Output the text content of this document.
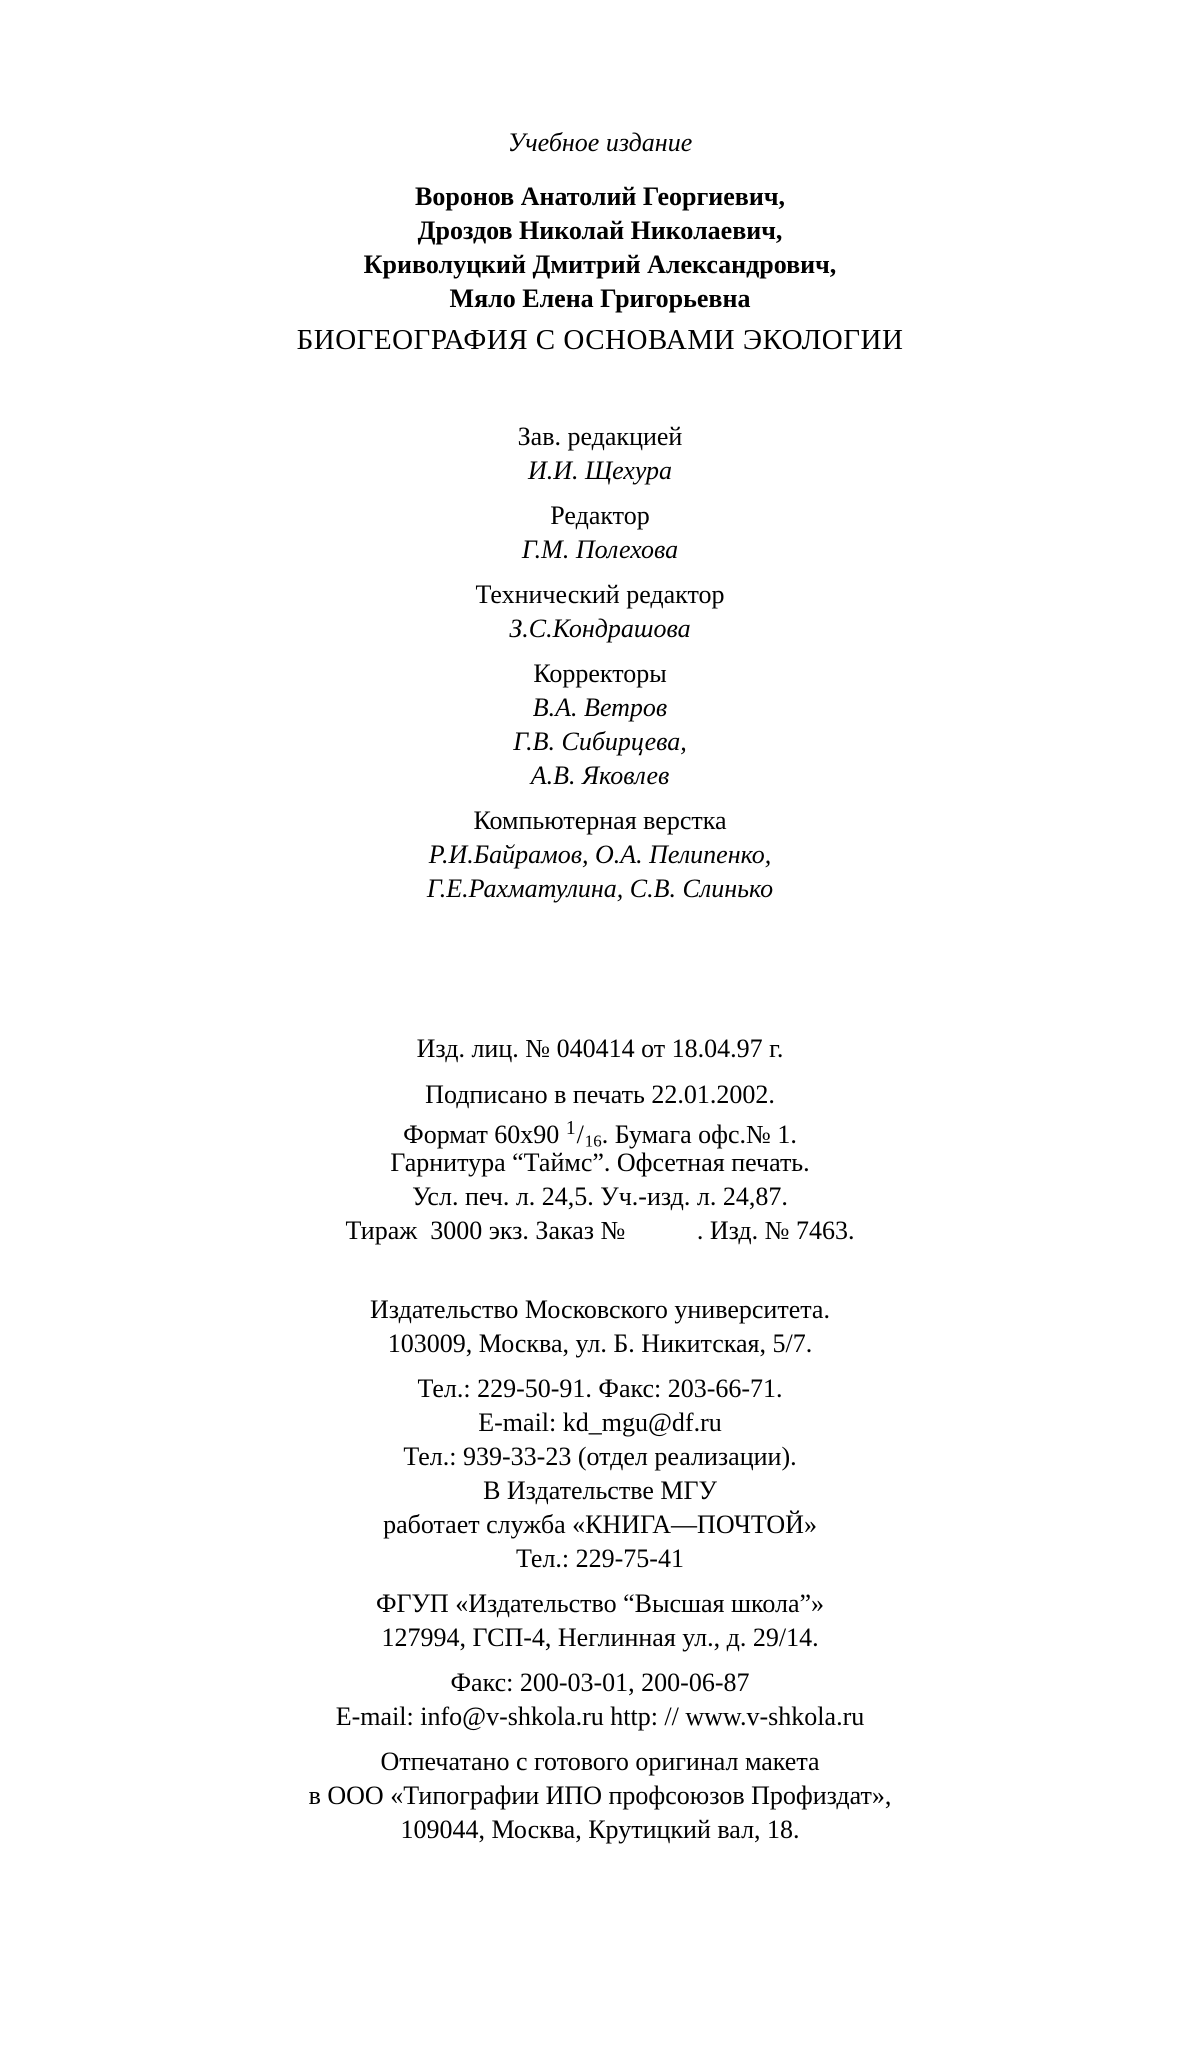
Учебное издание
Воронов Анатолий Георгиевич,
Дроздов Николай Николаевич,
Криволуцкий Дмитрий Александрович,
Мяло Елена Григорьевна
БИОГЕОГРАФИЯ С ОСНОВАМИ ЭКОЛОГИИ
Зав. редакцией
И.И. Щехура
Редактор
Г.М. Полехова
Технический редактор
З.С.Кондрашова
Корректоры
В.А. Ветров
Г.В. Сибирцева,
А.В. Яковлев
Компьютерная верстка
Р.И.Байрамов, О.А. Пелипенко,
Г.Е.Рахматулина, С.В. Слинько
Изд. лиц. № 040414 от 18.04.97 г.
Подписано в печать 22.01.2002.
Формат 60х90 $^1/_{16}$. Бумага офс.№ 1.
Гарнитура “Таймс”. Офсетная печать.
Усл. печ. л. 24,5. Уч.-изд. л. 24,87.
Тираж  3000 экз. Заказ №           . Изд. № 7463.
Издательство Московского университета.
103009, Москва, ул. Б. Никитская, 5/7.
Тел.: 229-50-91. Факс: 203-66-71.
E-mail: kd_mgu@df.ru
Тел.: 939-33-23 (отдел реализации).
В Издательстве МГУ
работает служба «КНИГА—ПОЧТОЙ»
Тел.: 229-75-41
ФГУП «Издательство “Высшая школа”»
127994, ГСП-4, Неглинная ул., д. 29/14.
Факс: 200-03-01, 200-06-87
E-mail: info@v-shkola.ru http: // www.v-shkola.ru
Отпечатано с готового оригинал макета
в ООО «Типографии ИПО профсоюзов Профиздат»,
109044, Москва, Крутицкий вал, 18.
